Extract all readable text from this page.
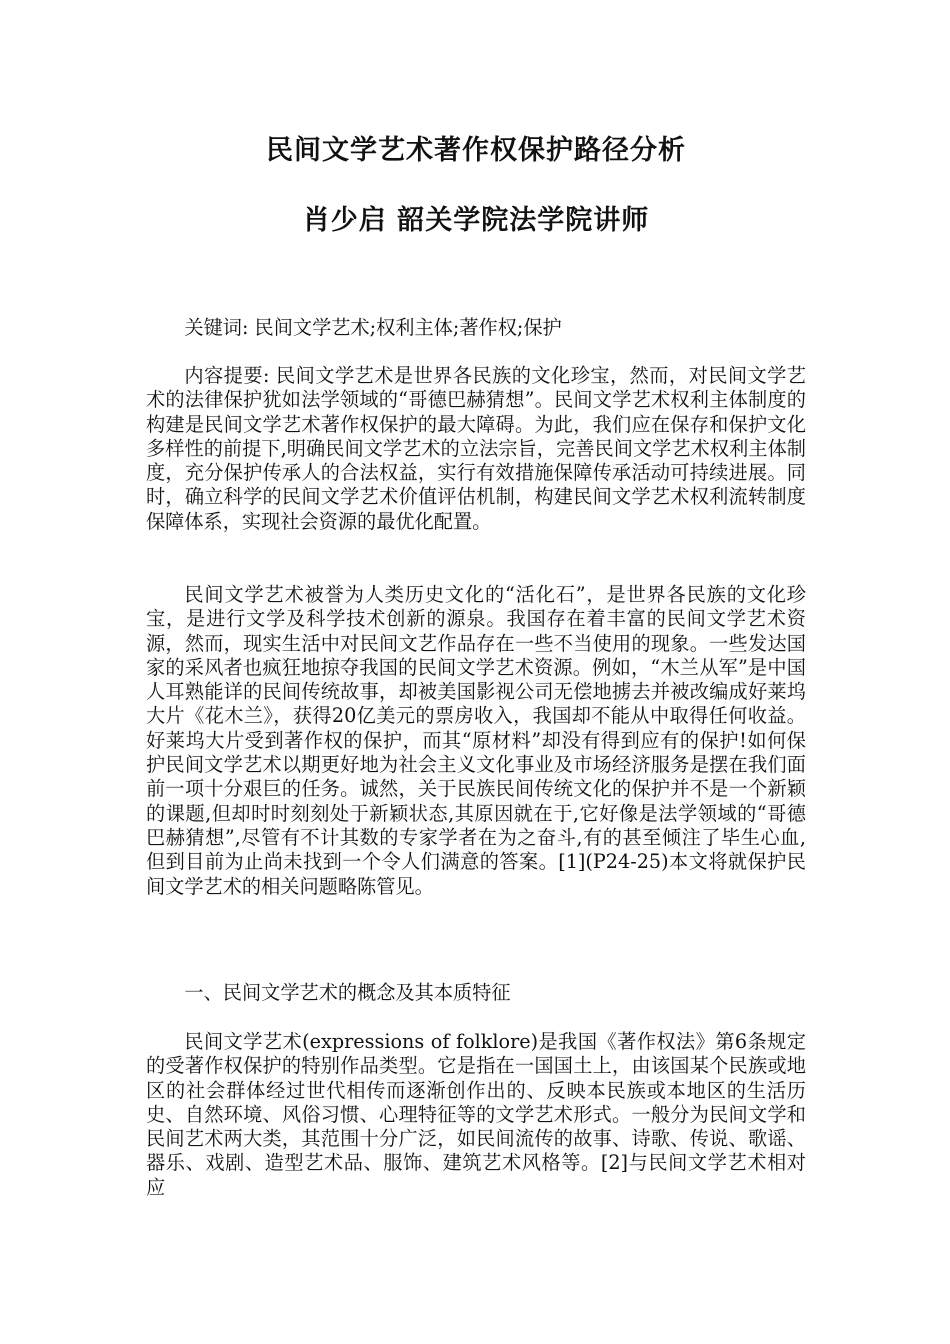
民间文学艺术著作权保护路径分析
肖少启 韶关学院法学院讲师

关键词: 民间文学艺术;权利主体;著作权;保护

内容提要: 民间文学艺术是世界各民族的文化珍宝，然而，对民间文学艺术的法律保护犹如法学领域的“哥德巴赫猜想”。民间文学艺术权利主体制度的构建是民间文学艺术著作权保护的最大障碍。为此，我们应在保存和保护文化多样性的前提下,明确民间文学艺术的立法宗旨，完善民间文学艺术权利主体制度，充分保护传承人的合法权益，实行有效措施保障传承活动可持续进展。同时，确立科学的民间文学艺术价值评估机制，构建民间文学艺术权利流转制度保障体系，实现社会资源的最优化配置。

民间文学艺术被誉为人类历史文化的“活化石”，是世界各民族的文化珍宝，是进行文学及科学技术创新的源泉。我国存在着丰富的民间文学艺术资源，然而，现实生活中对民间文艺作品存在一些不当使用的现象。一些发达国家的采风者也疯狂地掠夺我国的民间文学艺术资源。例如，“木兰从军”是中国人耳熟能详的民间传统故事，却被美国影视公司无偿地掳去并被改编成好莱坞大片《花木兰》，获得20亿美元的票房收入，我国却不能从中取得任何收益。好莱坞大片受到著作权的保护，而其“原材料”却没有得到应有的保护!如何保护民间文学艺术以期更好地为社会主义文化事业及市场经济服务是摆在我们面前一项十分艰巨的任务。诚然，关于民族民间传统文化的保护并不是一个新颖的课题,但却时时刻刻处于新颖状态,其原因就在于,它好像是法学领域的“哥德巴赫猜想”,尽管有不计其数的专家学者在为之奋斗,有的甚至倾注了毕生心血,但到目前为止尚未找到一个令人们满意的答案。[1](P24-25)本文将就保护民间文学艺术的相关问题略陈管见。

一、民间文学艺术的概念及其本质特征

民间文学艺术(expressions of folklore)是我国《著作权法》第6条规定的受著作权保护的特别作品类型。它是指在一国国土上，由该国某个民族或地区的社会群体经过世代相传而逐渐创作出的、反映本民族或本地区的生活历史、自然环境、风俗习惯、心理特征等的文学艺术形式。一般分为民间文学和民间艺术两大类，其范围十分广泛，如民间流传的故事、诗歌、传说、歌谣、器乐、戏剧、造型艺术品、服饰、建筑艺术风格等。[2]与民间文学艺术相对应
